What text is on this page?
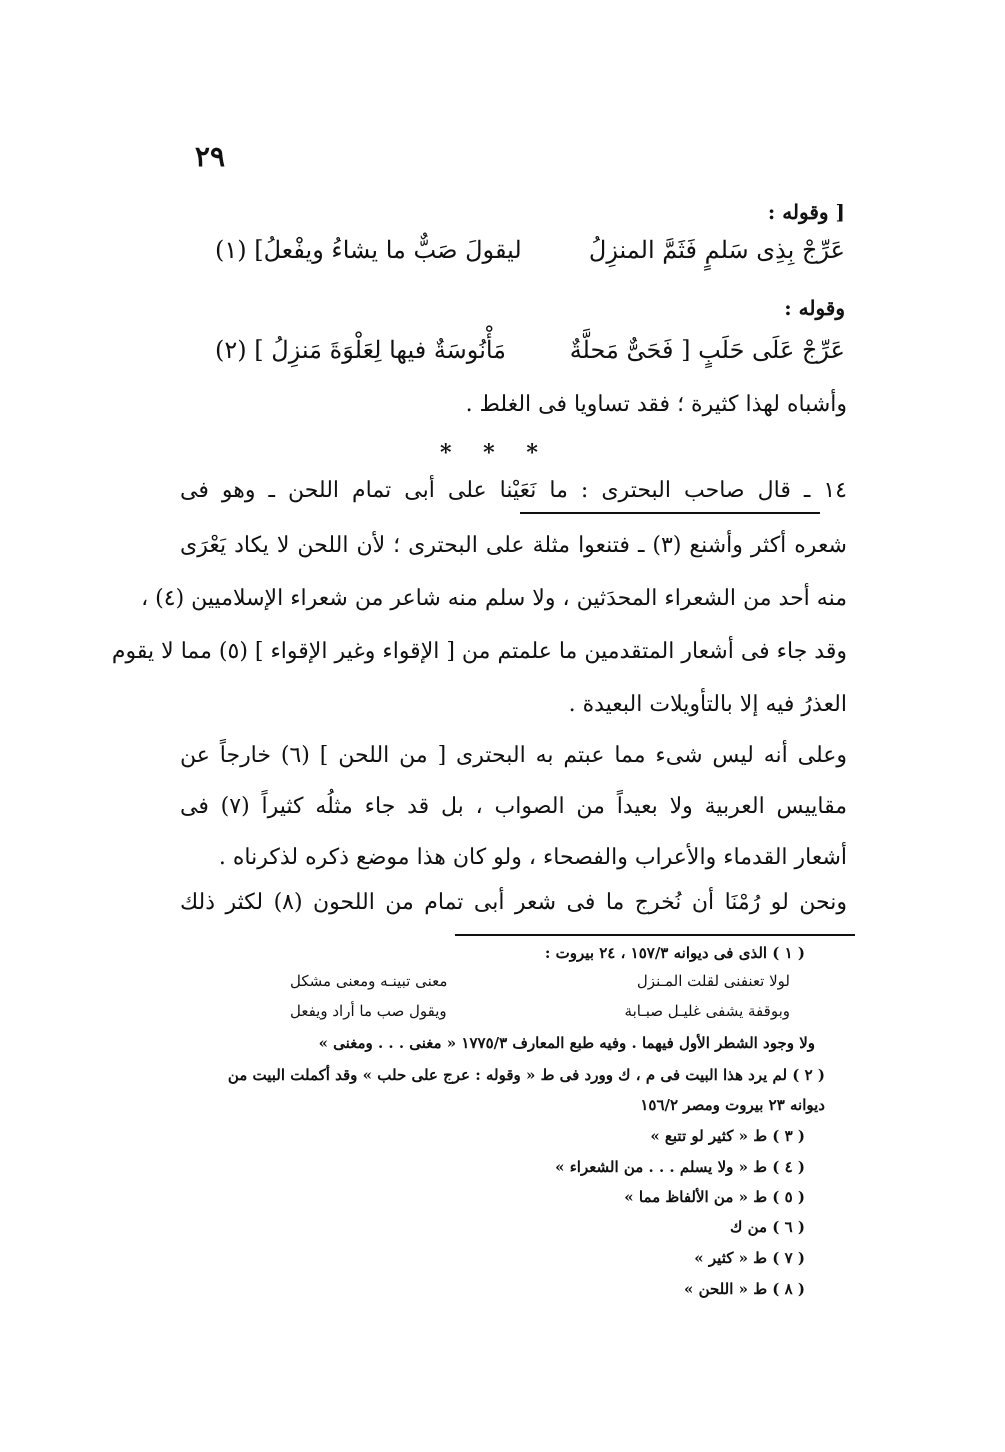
٢٩
[ وقوله :
عَرِّجْ بِذِى سَلمٍ فَثَمَّ المنزِلُ
ليقولَ صَبٌّ ما يشاءُ ويفْعلُ] (١)
وقوله :
عَرِّجْ عَلَى حَلَبٍ [ فَحَىٌّ مَحلَّةٌ
مَأْنُوسَةٌ فيها لِعَلْوَةَ مَنزِلُ ] (٢)
وأشباه لهذا كثيرة ؛ فقد تساويا فى الغلط .
* * *
١٤ ـ قال صاحب البحترى : ما نَعَيْنا على أبى تمام اللحن ـ وهو فى
شعره أكثر وأشنع (٣) ـ فتنعوا مثلة على البحترى ؛ لأن اللحن لا يكاد يَعْرَى
منه أحد من الشعراء المحدَثين ، ولا سلم منه شاعر من شعراء الإسلاميين (٤) ،
وقد جاء فى أشعار المتقدمين ما علمتم من [ الإقواء وغير الإقواء ] (٥) مما لا يقوم
العذرُ فيه إلا بالتأويلات البعيدة .
وعلى أنه ليس شىء مما عبتم به البحترى [ من اللحن ] (٦) خارجاً عن
مقاييس العربية ولا بعيداً من الصواب ، بل قد جاء مثلُه كثيراً (٧) فى
أشعار القدماء والأعراب والفصحاء ، ولو كان هذا موضع ذكره لذكرناه .
ونحن لو رُمْنَا أن نُخرج ما فى شعر أبى تمام من اللحون (٨) لكثر ذلك
( ١ ) الذى فى ديوانه ١٥٧/٣ ، ٢٤ بيروت :
لولا تعنفنى لقلت المـنزل
معنى تبينـه ومعنى مشكل
وبوقفة يشفى غليـل صبـابة
ويقول صب ما أراد ويفعل
ولا وجود الشطر الأول فيهما . وفيه طبع المعارف ١٧٧٥/٣ « مغنى . . . ومغنى »
( ٢ ) لم يرد هذا البيت فى م ، ك وورد فى ط « وقوله : عرج على حلب » وقد أكملت البيت من
ديوانه ٢٣ بيروت ومصر ١٥٦/٢
( ٣ ) ط « كثير لو تتبع »
( ٤ ) ط « ولا يسلم . . . من الشعراء »
( ٥ ) ط « من الألفاظ مما »
( ٦ ) من ك
( ٧ ) ط « كثير »
( ٨ ) ط « اللحن »
